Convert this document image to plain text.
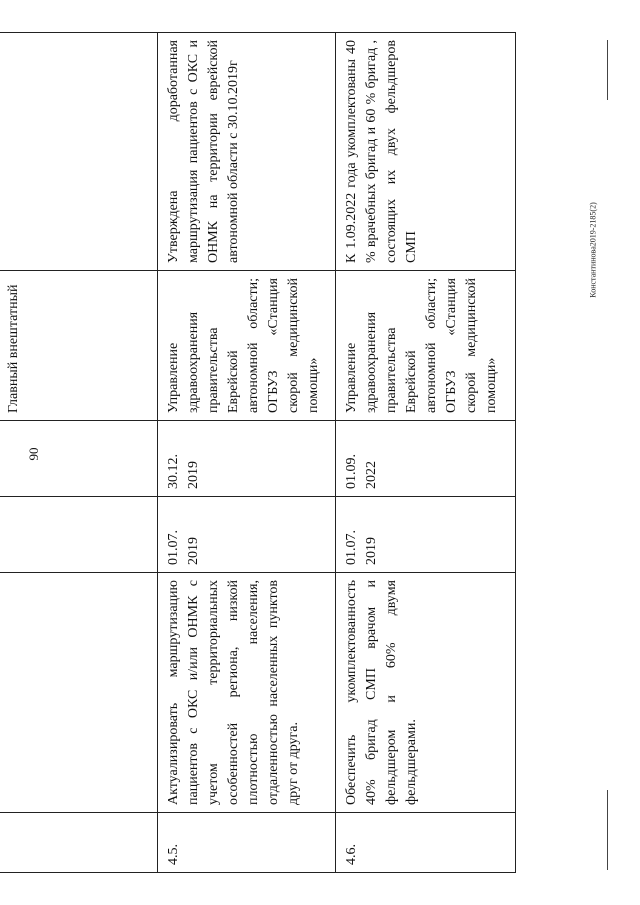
90
Константинова2019-2185(2)
				Главный внештатный	
4.5.	Актуализировать маршрутизацию пациентов с ОКС и/или ОНМК с учетом территориальных особенностей региона, низкой плотностью населения, отдаленностью населенных пунктов друг от друга.	01.07. 2019	30.12. 2019	Управление здравоохранения правительства Еврейской автономной области; ОГБУЗ «Станция скорой медицинской помощи»	Утверждена доработанная маршрутизация пациентов с ОКС и ОНМК на территории еврейской автономной области с 30.10.2019г
4.6.	Обеспечить укомплектованность 40% бригад СМП врачом и фельдшером и 60% двумя фельдшерами.	01.07. 2019	01.09. 2022	Управление здравоохранения правительства Еврейской автономной области; ОГБУЗ «Станция скорой медицинской помощи»	К 1.09.2022 года укомплектованы 40 % врачебных бригад и 60 % бригад , состоящих их двух фельдшеров СМП
